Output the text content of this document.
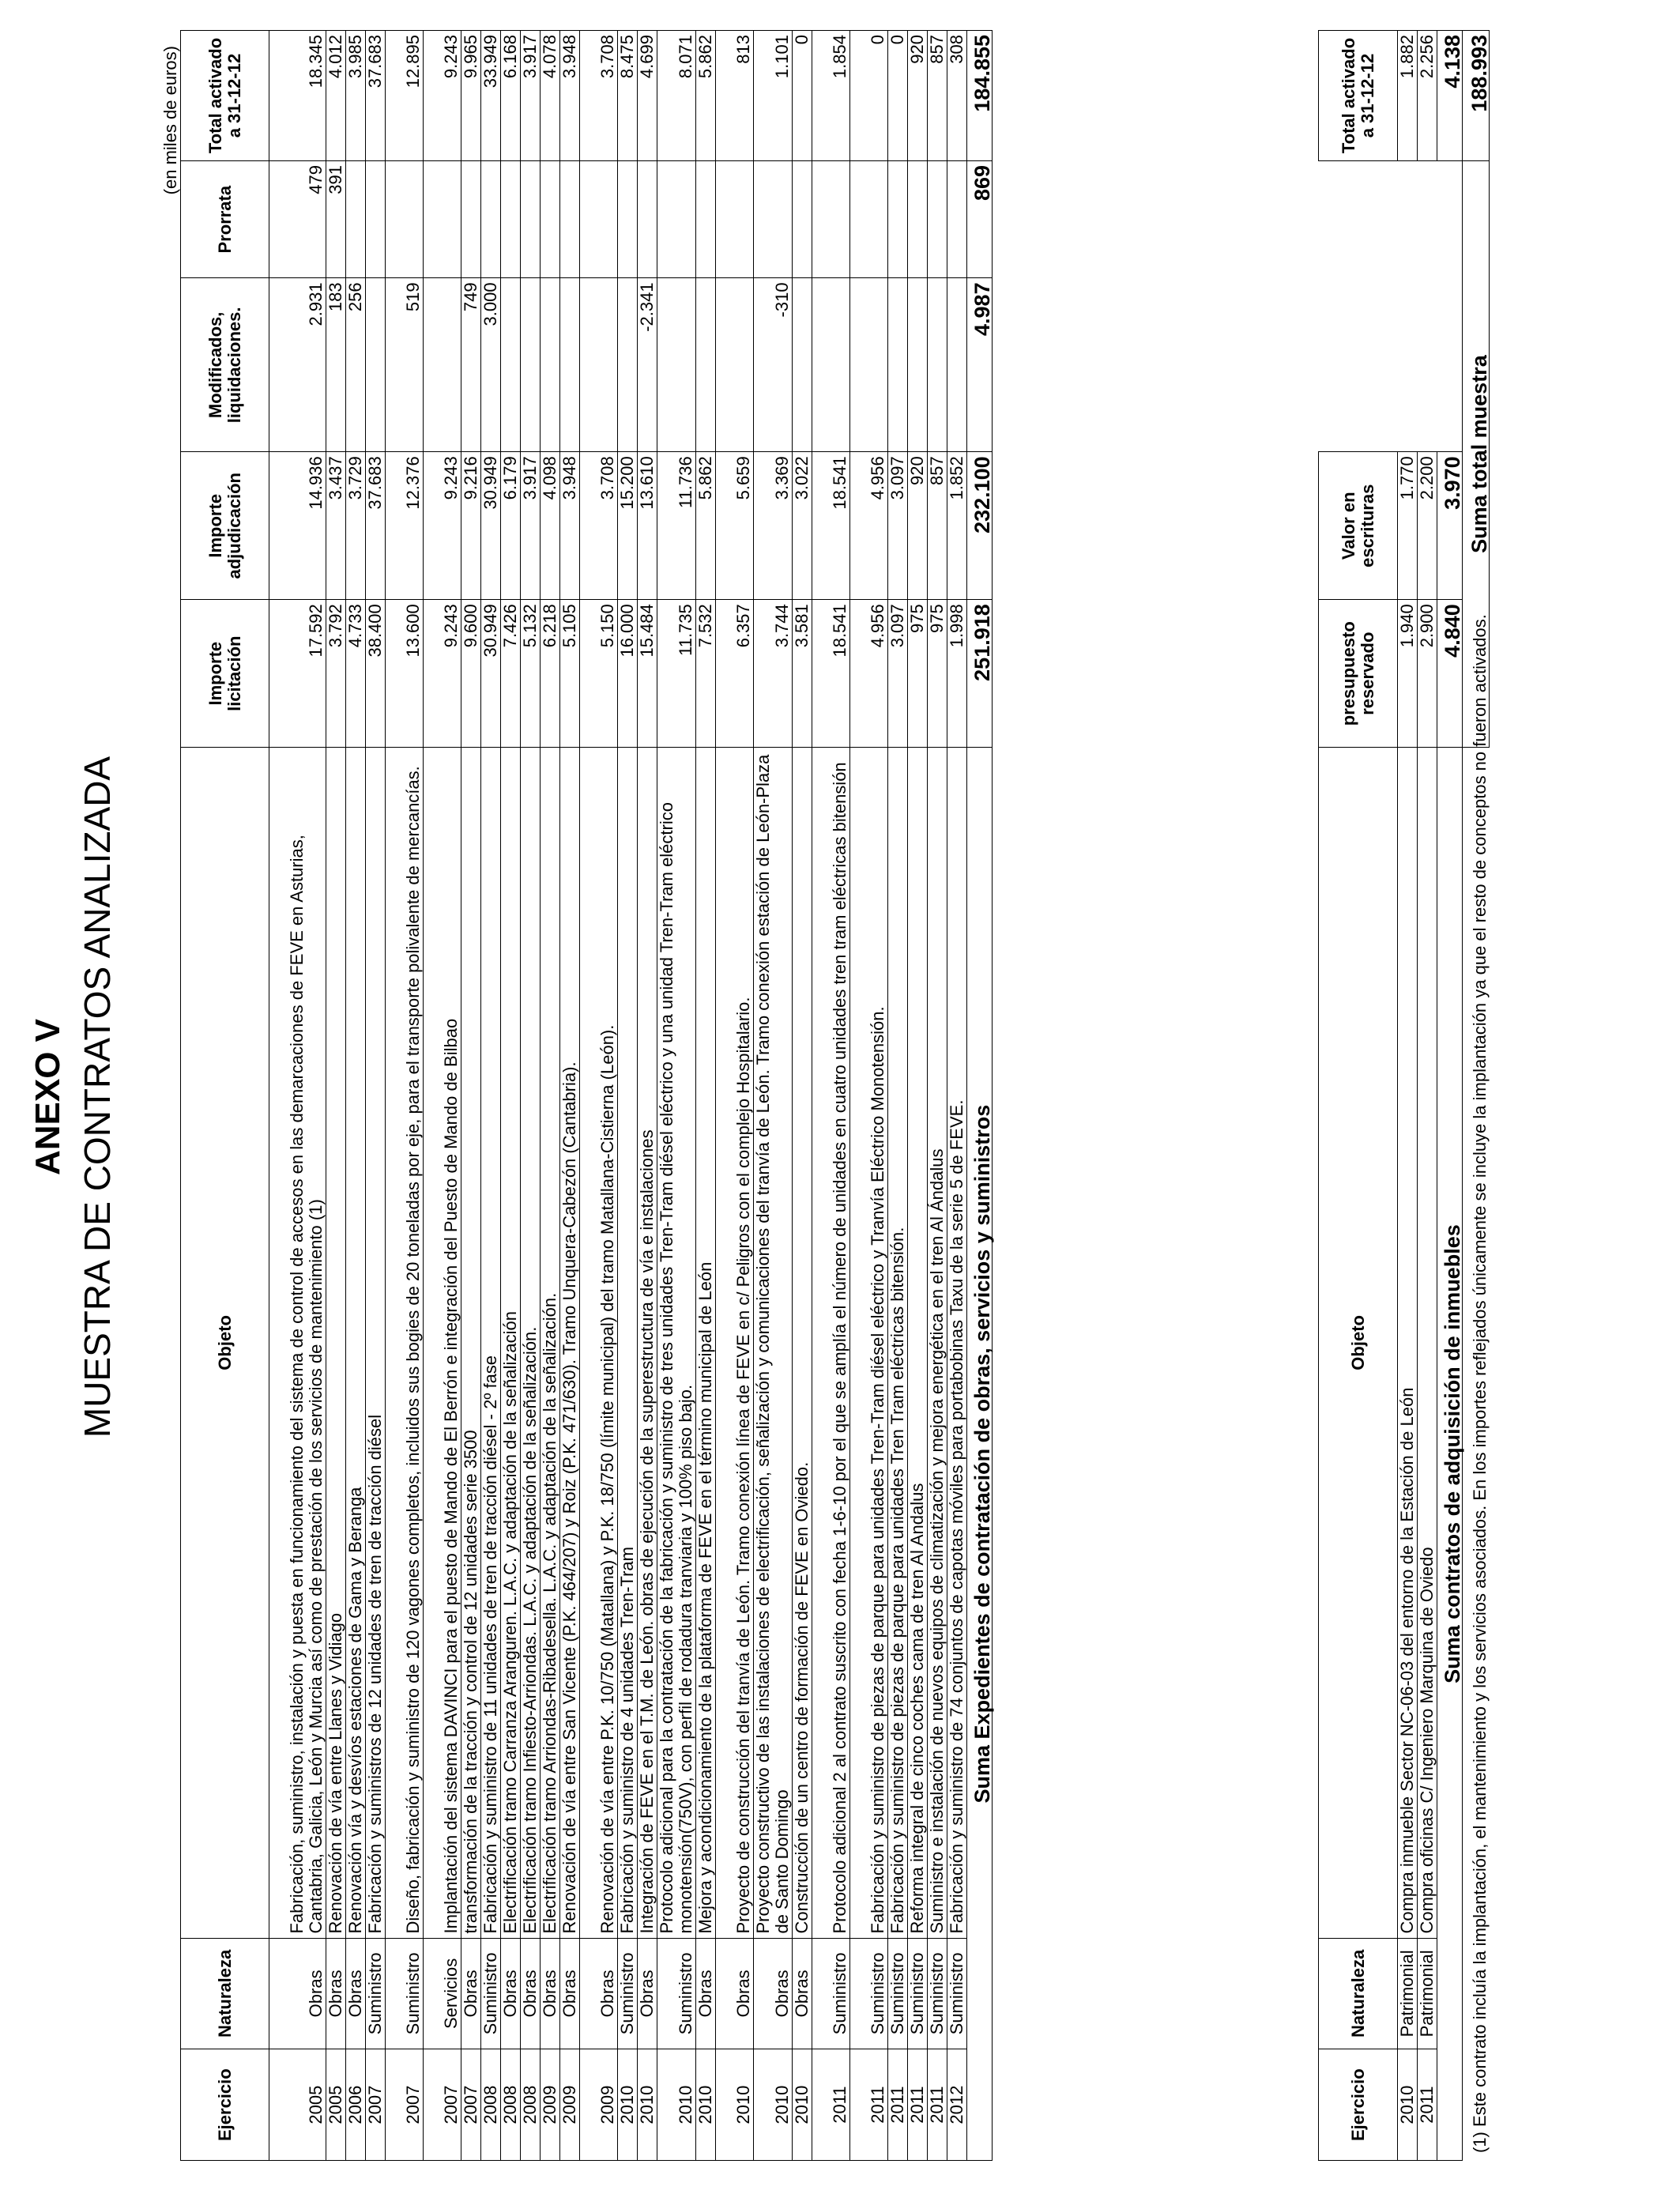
ANEXO V MUESTRA DE CONTRATOS ANALIZADA
(en miles de euros)
Ejercicio	Naturaleza	Objeto	Importe licitación	Importe adjudicación	Modificados, liquidaciones.	Prorrata	Total activado a 31-12-12
2005	Obras	Fabricación, suministro, instalación y puesta en funcionamiento del sistema de control de accesos en las demarcaciones de FEVE en Asturias, Cantabria, Galicia, León y Murcia así como de prestación de los servicios de mantenimiento (1)	17.592	14.936	2.931	479	18.345
2005	Obras	Renovación de vía entre Llanes y Vidiago	3.792	3.437	183	391	4.012
2006	Obras	Renovación vía y desvíos estaciones de Gama y Beranga	4.733	3.729	256		3.985
2007	Suministro	Fabricación y suministros de 12 unidades de tren de tracción diésel	38.400	37.683			37.683
2007	Suministro	Diseño, fabricación y suministro de 120 vagones completos, incluidos sus bogies de 20 toneladas por eje, para el transporte polivalente de mercancías.	13.600	12.376	519		12.895
2007	Servicios	Implantación del sistema DAVINCI para el puesto de Mando de El Berrón e integración del Puesto de Mando de Bilbao	9.243	9.243			9.243
2007	Obras	transformación de la tracción y control de 12 unidades serie 3500	9.600	9.216	749		9.965
2008	Suministro	Fabricación y suministro de 11 unidades de tren de tracción diésel - 2º fase	30.949	30.949	3.000		33.949
2008	Obras	Electrificación tramo Carranza Aranguren. L.A.C. y adaptación de la señalización	7.426	6.179			6.168
2008	Obras	Electrificación tramo Infiesto-Arriondas. L.A.C. y adaptación de la señalización.	5.132	3.917			3.917
2009	Obras	Electrificación tramo Arriondas-Ribadesella. L.A.C. y adaptación de la señalización.	6.218	4.098			4.078
2009	Obras	Renovación de vía entre San Vicente (P.K. 464/207) y Roiz (P.K. 471/630). Tramo Unquera-Cabezón (Cantabria).	5.105	3.948			3.948
2009	Obras	Renovación de vía entre P.K. 10/750 (Matallana) y P.K. 18/750 (límite municipal) del tramo Matallana-Cistierna (León).	5.150	3.708			3.708
2010	Suministro	Fabricación y suministro de 4 unidades Tren-Tram	16.000	15.200			8.475
2010	Obras	Integración de FEVE en el T.M. de León. obras de ejecución de la superestructura de vía e instalaciones	15.484	13.610	-2.341		4.699
2010	Suministro	Protocolo adicional para la contratación de la fabricación y suministro de tres unidades Tren-Tram diésel eléctrico y una unidad Tren-Tram eléctrico monotensión(750V), con perfil de rodadura tranviaria y 100% piso bajo.	11.735	11.736			8.071
2010	Obras	Mejora y acondicionamiento de la plataforma de FEVE en el término municipal de León	7.532	5.862			5.862
2010	Obras	Proyecto de construcción del tranvía de León. Tramo conexión línea de FEVE en c/ Peligros con el complejo Hospitalario.	6.357	5.659			813
2010	Obras	Proyecto constructivo de las instalaciones de electrificación, señalización y comunicaciones del tranvía de León. Tramo conexión estación de León-Plaza de Santo Domingo	3.744	3.369	-310		1.101
2010	Obras	Construcción de un centro de formación de FEVE en Oviedo.	3.581	3.022			0
2011	Suministro	Protocolo adicional 2 al contrato suscrito con fecha 1-6-10 por el que se amplía el número de unidades en cuatro unidades tren tram eléctricas bitensión	18.541	18.541			1.854
2011	Suministro	Fabricación y suministro de piezas de parque para unidades Tren-Tram diésel eléctrico y Tranvía Eléctrico Monotensión.	4.956	4.956			0
2011	Suministro	Fabricación y suministro de piezas de parque para unidades Tren Tram eléctricas bitensión.	3.097	3.097			0
2011	Suministro	Reforma integral de cinco coches cama de tren Al Andalus	975	920			920
2011	Suministro	Suministro e instalación de nuevos equipos de climatización y mejora energética en el tren Al Ándalus	975	857			857
2012	Suministro	Fabricación y suministro de 74 conjuntos de capotas móviles para portabobinas Taxu de la serie 5 de FEVE.	1.998	1.852			308
Suma Expedientes de contratación de obras, servicios y suministros			251.918	232.100	4.987	869	184.855
Ejercicio	Naturaleza	Objeto	presupuesto reservado	Valor en escrituras			Total activado a 31-12-12
2010	Patrimonial	Compra inmueble Sector NC-06-03 del entorno de la Estación de León	1.940	1.770			1.882
2011	Patrimonial	Compra oficinas C/ Ingeniero Marquina de Oviedo	2.900	2.200			2.256
Suma contratos de adquisición de inmuebles			4.840	3.970			4.138
			Suma total muestra				188.993
(1) Este contrato incluía la implantación, el mantenimiento y los servicios asociados. En los importes reflejados únicamente se incluye la implantación ya que el resto de conceptos no fueron activados.
